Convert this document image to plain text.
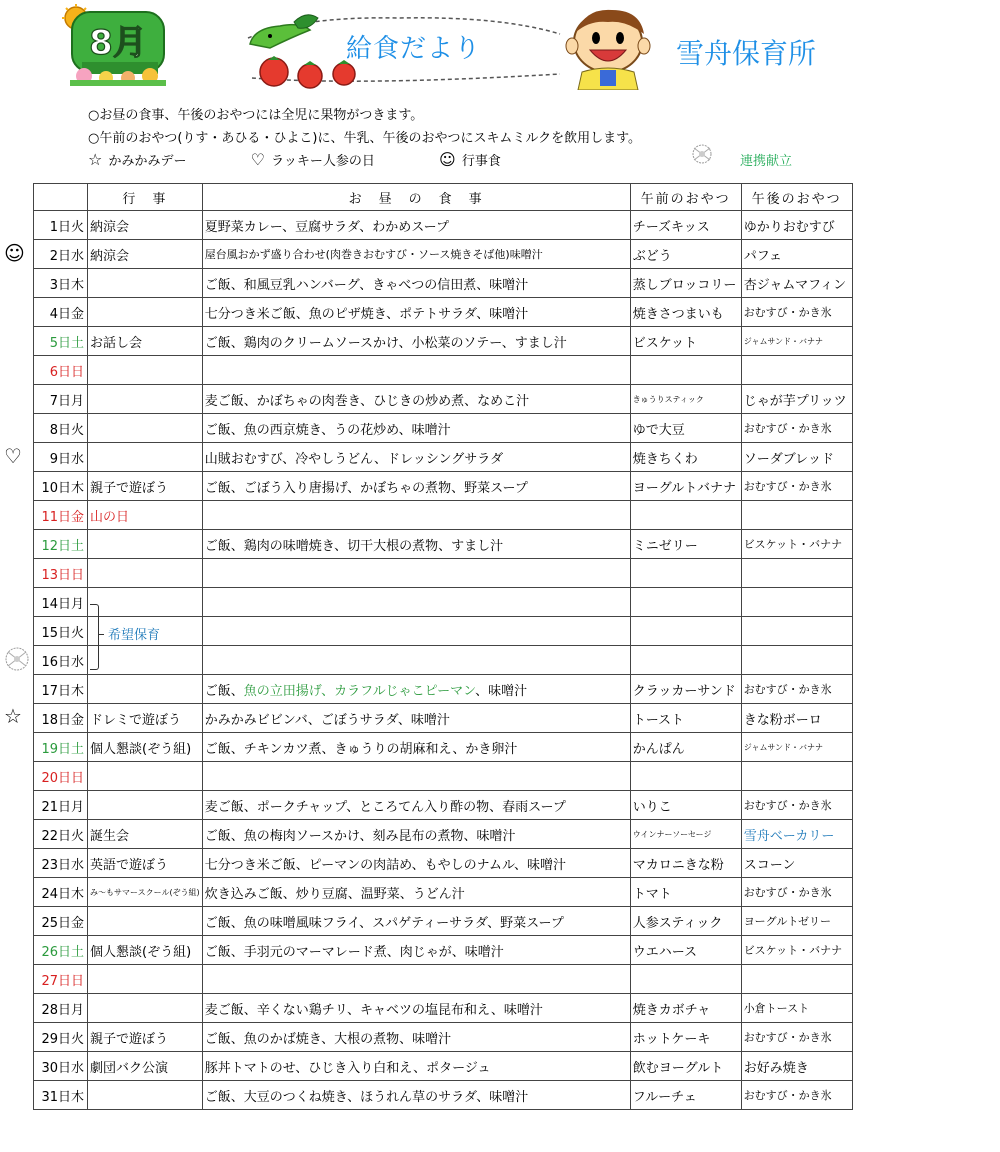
8月	給食だより	雪舟保育所
○お昼の食事、午後のおやつには全児に果物がつきます。
○午前のおやつ(りす・あひる・ひよこ)に、牛乳、午後のおやつにスキムミルクを飲用します。
☆ かみかみデー	♡ ラッキー人参の日	☺ 行事食	連携献立
☺
♡
☆
	行　事	お　昼　の　食　事	午前のおやつ	午後のおやつ
1日火	納涼会	夏野菜カレー、豆腐サラダ、わかめスープ	チーズキッス	ゆかりおむすび
2日水	納涼会	屋台風おかず盛り合わせ(肉巻きおむすび・ソース焼きそば他)味噌汁	ぶどう	パフェ
3日木		ご飯、和風豆乳ハンバーグ、きゃべつの信田煮、味噌汁	蒸しブロッコリー	杏ジャムマフィン
4日金		七分つき米ご飯、魚のピザ焼き、ポテトサラダ、味噌汁	焼きさつまいも	おむすび・かき氷
5日土	お話し会	ご飯、鶏肉のクリームソースかけ、小松菜のソテー、すまし汁	ビスケット	ジャムサンド・バナナ
6日日				
7日月		麦ご飯、かぼちゃの肉巻き、ひじきの炒め煮、なめこ汁	きゅうりスティック	じゃが芋プリッツ
8日火		ご飯、魚の西京焼き、うの花炒め、味噌汁	ゆで大豆	おむすび・かき氷
9日水		山賊おむすび、冷やしうどん、ドレッシングサラダ	焼きちくわ	ソーダブレッド
10日木	親子で遊ぼう	ご飯、ごぼう入り唐揚げ、かぼちゃの煮物、野菜スープ	ヨーグルトバナナ	おむすび・かき氷
11日金	山の日			
12日土		ご飯、鶏肉の味噌焼き、切干大根の煮物、すまし汁	ミニゼリー	ビスケット・バナナ
13日日				
14日月				
15日火				
16日水				
17日木		ご飯、魚の立田揚げ、カラフルじゃこピーマン、味噌汁	クラッカーサンド	おむすび・かき氷
18日金	ドレミで遊ぼう	かみかみビビンバ、ごぼうサラダ、味噌汁	トースト	きな粉ボーロ
19日土	個人懇談(ぞう組)	ご飯、チキンカツ煮、きゅうりの胡麻和え、かき卵汁	かんぱん	ジャムサンド・バナナ
20日日				
21日月		麦ご飯、ポークチャップ、ところてん入り酢の物、春雨スープ	いりこ	おむすび・かき氷
22日火	誕生会	ご飯、魚の梅肉ソースかけ、刻み昆布の煮物、味噌汁	ウインナーソーセージ	雪舟ベーカリー
23日水	英語で遊ぼう	七分つき米ご飯、ピーマンの肉詰め、もやしのナムル、味噌汁	マカロニきな粉	スコーン
24日木	み～もサマースクール(ぞう組)	炊き込みご飯、炒り豆腐、温野菜、うどん汁	トマト	おむすび・かき氷
25日金		ご飯、魚の味噌風味フライ、スパゲティーサラダ、野菜スープ	人参スティック	ヨーグルトゼリー
26日土	個人懇談(ぞう組)	ご飯、手羽元のマーマレード煮、肉じゃが、味噌汁	ウエハース	ビスケット・バナナ
27日日				
28日月		麦ご飯、辛くない鶏チリ、キャベツの塩昆布和え、味噌汁	焼きカボチャ	小倉トースト
29日火	親子で遊ぼう	ご飯、魚のかば焼き、大根の煮物、味噌汁	ホットケーキ	おむすび・かき氷
30日水	劇団バク公演	豚丼トマトのせ、ひじき入り白和え、ポタージュ	飲むヨーグルト	お好み焼き
31日木		ご飯、大豆のつくね焼き、ほうれん草のサラダ、味噌汁	フルーチェ	おむすび・かき氷
希望保育
